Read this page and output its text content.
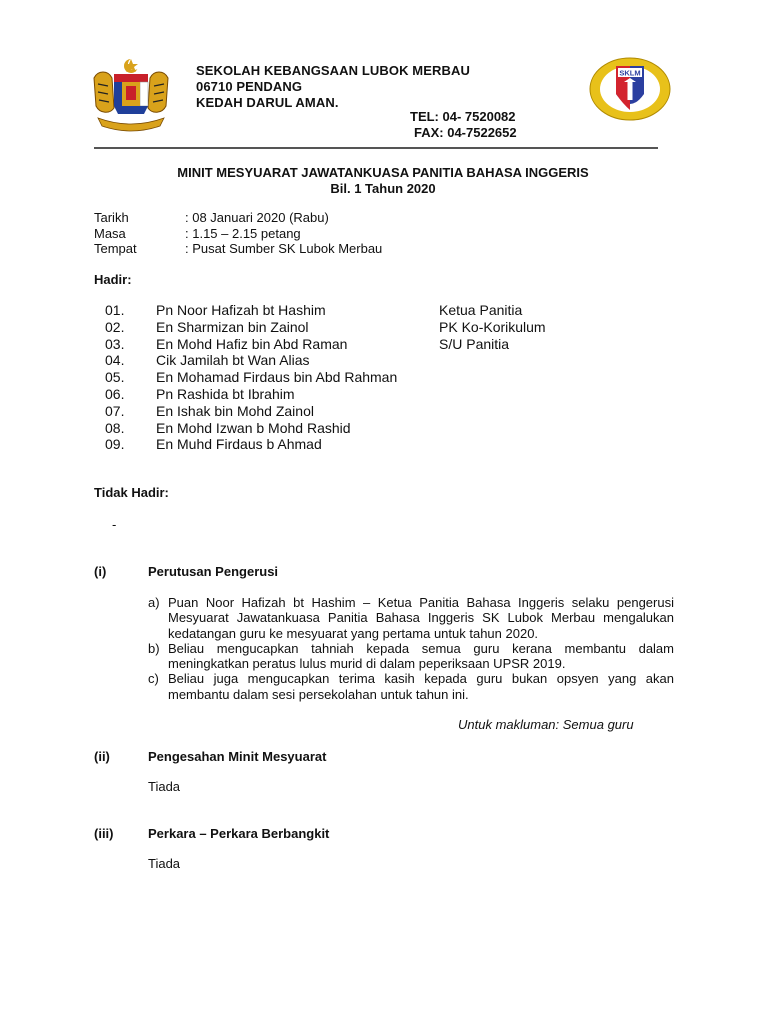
SEKOLAH KEBANGSAAN LUBOK MERBAU
06710 PENDANG
KEDAH DARUL AMAN.
TEL: 04- 7520082
FAX: 04-7522652
SKLM
MINIT MESYUARAT JAWATANKUASA PANITIA BAHASA INGGERIS
Bil. 1 Tahun 2020
Tarikh	: 08 Januari 2020 (Rabu)
Masa	: 1.15 – 2.15 petang
Tempat	: Pusat Sumber SK Lubok Merbau
Hadir:
01.	Pn Noor Hafizah bt Hashim	Ketua Panitia
02.	En Sharmizan bin Zainol	PK Ko-Korikulum
03.	En Mohd Hafiz bin Abd Raman	S/U Panitia
04.	Cik Jamilah bt Wan Alias
05.	En Mohamad Firdaus bin Abd Rahman
06.	Pn Rashida bt Ibrahim
07.	En Ishak bin Mohd Zainol
08.	En Mohd Izwan b Mohd Rashid
09.	En Muhd Firdaus b Ahmad
Tidak Hadir:
-
(i)	Perutusan Pengerusi
a) Puan Noor Hafizah bt Hashim – Ketua Panitia Bahasa Inggeris selaku pengerusi Mesyuarat Jawatankuasa Panitia Bahasa Inggeris SK Lubok Merbau mengalukan kedatangan guru ke mesyuarat yang pertama untuk tahun 2020.
b) Beliau mengucapkan tahniah kepada semua guru kerana membantu dalam meningkatkan peratus lulus murid di dalam peperiksaan UPSR 2019.
c) Beliau juga mengucapkan terima kasih kepada guru bukan opsyen yang akan membantu dalam sesi persekolahan untuk tahun ini.
Untuk makluman: Semua guru
(ii)	Pengesahan Minit Mesyuarat
Tiada
(iii)	Perkara – Perkara Berbangkit
Tiada
